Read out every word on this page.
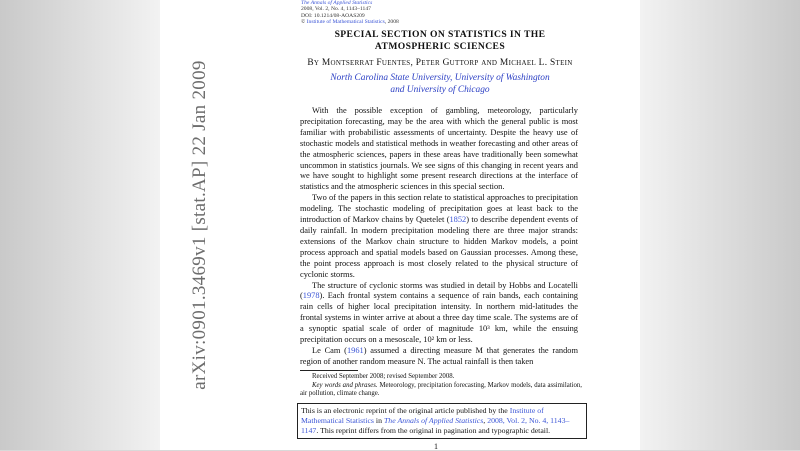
arXiv:0901.3469v1 [stat.AP] 22 Jan 2009
The Annals of Applied Statistics
2008, Vol. 2, No. 4, 1143–1147
DOI: 10.1214/08-AOAS209
© Institute of Mathematical Statistics, 2008
SPECIAL SECTION ON STATISTICS IN THE
ATMOSPHERIC SCIENCES
By Montserrat Fuentes, Peter Guttorp and Michael L. Stein
North Carolina State University, University of Washington
and University of Chicago

With the possible exception of gambling, meteorology, particularly precipitation forecasting, may be the area with which the general public is most familiar with probabilistic assessments of uncertainty. Despite the heavy use of stochastic models and statistical methods in weather forecasting and other areas of the atmospheric sciences, papers in these areas have traditionally been somewhat uncommon in statistics journals. We see signs of this changing in recent years and we have sought to highlight some present research directions at the interface of statistics and the atmospheric sciences in this special section.

Two of the papers in this section relate to statistical approaches to precipitation modeling. The stochastic modeling of precipitation goes at least back to the introduction of Markov chains by Quetelet (1852) to describe dependent events of daily rainfall. In modern precipitation modeling there are three major strands: extensions of the Markov chain structure to hidden Markov models, a point process approach and spatial models based on Gaussian processes. Among these, the point process approach is most closely related to the physical structure of cyclonic storms.

The structure of cyclonic storms was studied in detail by Hobbs and Locatelli (1978). Each frontal system contains a sequence of rain bands, each containing rain cells of higher local precipitation intensity. In northern mid-latitudes the frontal systems in winter arrive at about a three day time scale. The systems are of a synoptic spatial scale of order of magnitude 10³ km, while the ensuing precipitation occurs on a mesoscale, 10² km or less.

Le Cam (1961) assumed a directing measure M that generates the random region of another random measure N. The actual rainfall is then taken

Received September 2008; revised September 2008.

Key words and phrases. Meteorology, precipitation forecasting, Markov models, data assimilation, air pollution, climate change.

This is an electronic reprint of the original article published by the Institute of Mathematical Statistics in The Annals of Applied Statistics, 2008, Vol. 2, No. 4, 1143–1147. This reprint differs from the original in pagination and typographic detail.
1
